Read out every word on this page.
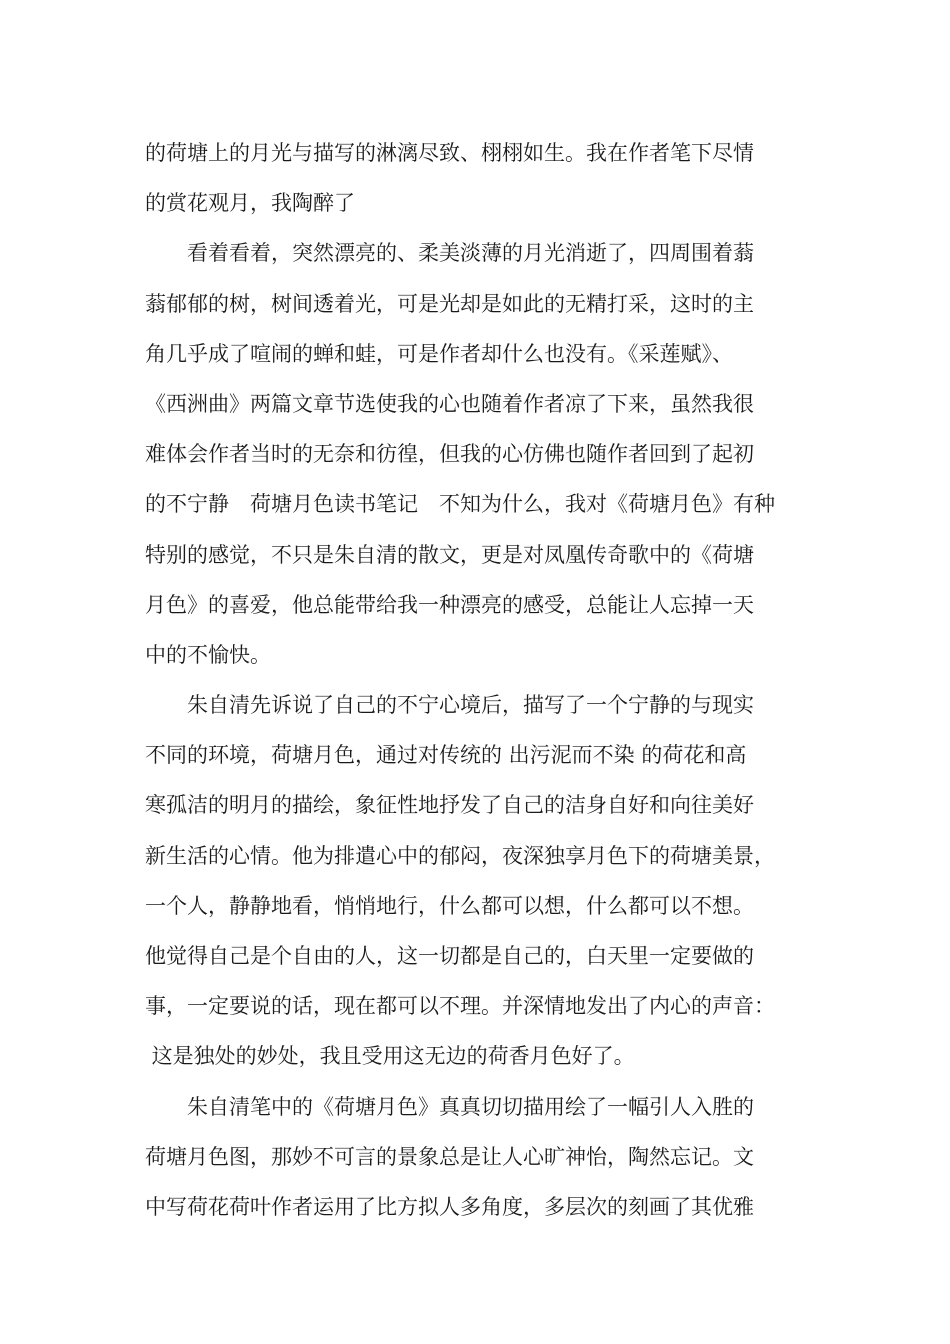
的荷塘上的月光与描写的淋漓尽致、栩栩如生。我在作者笔下尽情
的赏花观月，我陶醉了
　　看着看着，突然漂亮的、柔美淡薄的月光消逝了，四周围着蓊
蓊郁郁的树，树间透着光，可是光却是如此的无精打采，这时的主
角几乎成了喧闹的蝉和蛙，可是作者却什么也没有。《采莲赋》、
《西洲曲》两篇文章节选使我的心也随着作者凉了下来，虽然我很
难体会作者当时的无奈和彷徨，但我的心仿佛也随作者回到了起初
的不宁静　荷塘月色读书笔记　不知为什么，我对《荷塘月色》有种
特别的感觉，不只是朱自清的散文，更是对凤凰传奇歌中的《荷塘
月色》的喜爱，他总能带给我一种漂亮的感受，总能让人忘掉一天
中的不愉快。
　　朱自清先诉说了自己的不宁心境后，描写了一个宁静的与现实
不同的环境，荷塘月色，通过对传统的 出污泥而不染 的荷花和高
寒孤洁的明月的描绘，象征性地抒发了自己的洁身自好和向往美好
新生活的心情。他为排遣心中的郁闷，夜深独享月色下的荷塘美景，
一个人，静静地看，悄悄地行，什么都可以想，什么都可以不想。
他觉得自己是个自由的人，这一切都是自己的，白天里一定要做的
事，一定要说的话，现在都可以不理。并深情地发出了内心的声音：
这是独处的妙处，我且受用这无边的荷香月色好了。
　　朱自清笔中的《荷塘月色》真真切切描用绘了一幅引人入胜的
荷塘月色图，那妙不可言的景象总是让人心旷神怡，陶然忘记。文
中写荷花荷叶作者运用了比方拟人多角度，多层次的刻画了其优雅
